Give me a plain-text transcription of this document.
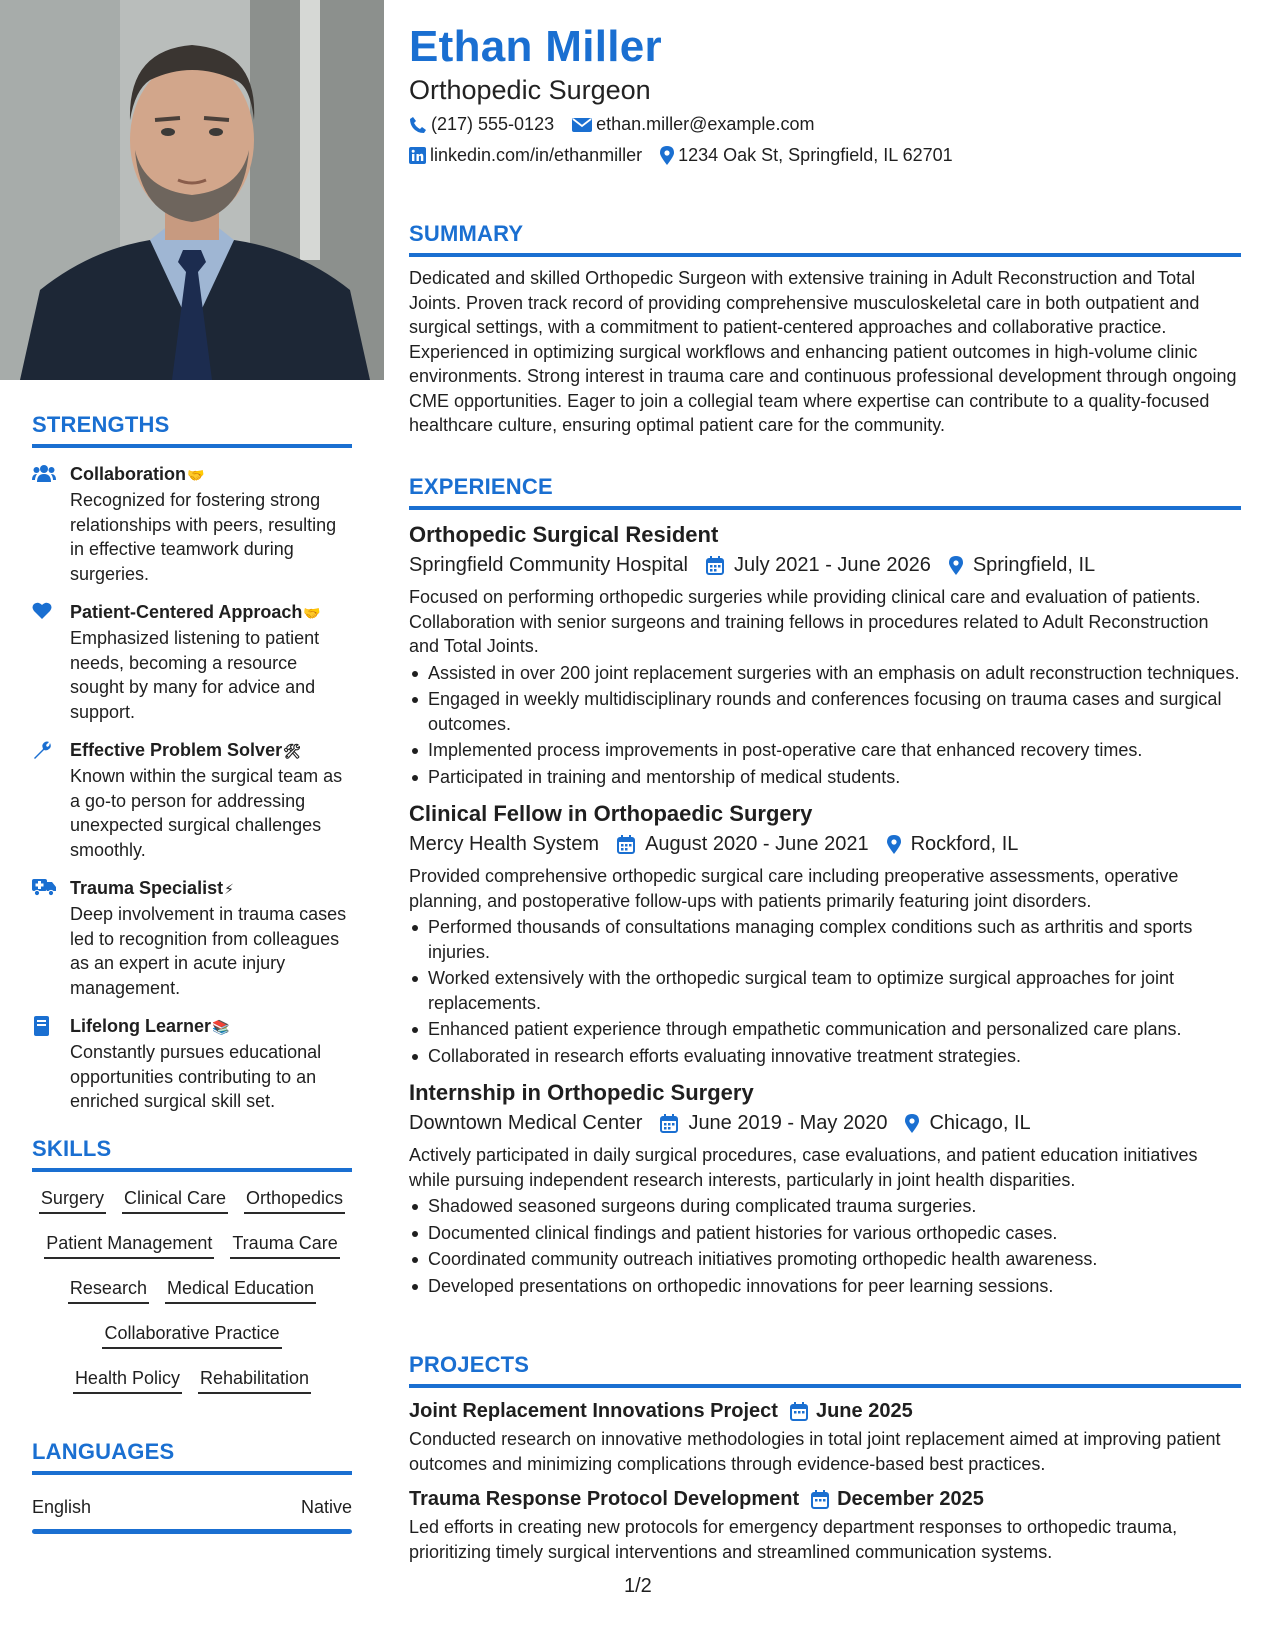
STRENGTHS
Collaboration🤝
Recognized for fostering strong relationships with peers, resulting in effective teamwork during surgeries.
Patient-Centered Approach🤝
Emphasized listening to patient needs, becoming a resource sought by many for advice and support.
Effective Problem Solver🛠
Known within the surgical team as a go-to person for addressing unexpected surgical challenges smoothly.
Trauma Specialist⚡
Deep involvement in trauma cases led to recognition from colleagues as an expert in acute injury management.
Lifelong Learner📚
Constantly pursues educational opportunities contributing to an enriched surgical skill set.
SKILLS
Surgery Clinical Care Orthopedics
Patient Management Trauma Care
Research Medical Education
Collaborative Practice
Health Policy Rehabilitation
LANGUAGES
English	Native
Ethan Miller
Orthopedic Surgeon
(217) 555-0123 ethan.miller@example.com
linkedin.com/in/ethanmiller 1234 Oak St, Springfield, IL 62701
SUMMARY
Dedicated and skilled Orthopedic Surgeon with extensive training in Adult Reconstruction and Total Joints. Proven track record of providing comprehensive musculoskeletal care in both outpatient and surgical settings, with a commitment to patient-centered approaches and collaborative practice. Experienced in optimizing surgical workflows and enhancing patient outcomes in high-volume clinic environments. Strong interest in trauma care and continuous professional development through ongoing CME opportunities. Eager to join a collegial team where expertise can contribute to a quality-focused healthcare culture, ensuring optimal patient care for the community.
EXPERIENCE
Orthopedic Surgical Resident
Springfield Community Hospital July 2021 - June 2026 Springfield, IL
Focused on performing orthopedic surgeries while providing clinical care and evaluation of patients. Collaboration with senior surgeons and training fellows in procedures related to Adult Reconstruction and Total Joints.
Assisted in over 200 joint replacement surgeries with an emphasis on adult reconstruction techniques.
Engaged in weekly multidisciplinary rounds and conferences focusing on trauma cases and surgical outcomes.
Implemented process improvements in post-operative care that enhanced recovery times.
Participated in training and mentorship of medical students.
Clinical Fellow in Orthopaedic Surgery
Mercy Health System August 2020 - June 2021 Rockford, IL
Provided comprehensive orthopedic surgical care including preoperative assessments, operative planning, and postoperative follow-ups with patients primarily featuring joint disorders.
Performed thousands of consultations managing complex conditions such as arthritis and sports injuries.
Worked extensively with the orthopedic surgical team to optimize surgical approaches for joint replacements.
Enhanced patient experience through empathetic communication and personalized care plans.
Collaborated in research efforts evaluating innovative treatment strategies.
Internship in Orthopedic Surgery
Downtown Medical Center June 2019 - May 2020 Chicago, IL
Actively participated in daily surgical procedures, case evaluations, and patient education initiatives while pursuing independent research interests, particularly in joint health disparities.
Shadowed seasoned surgeons during complicated trauma surgeries.
Documented clinical findings and patient histories for various orthopedic cases.
Coordinated community outreach initiatives promoting orthopedic health awareness.
Developed presentations on orthopedic innovations for peer learning sessions.
PROJECTS
Joint Replacement Innovations Project June 2025
Conducted research on innovative methodologies in total joint replacement aimed at improving patient outcomes and minimizing complications through evidence-based best practices.
Trauma Response Protocol Development December 2025
Led efforts in creating new protocols for emergency department responses to orthopedic trauma, prioritizing timely surgical interventions and streamlined communication systems.
1/2
